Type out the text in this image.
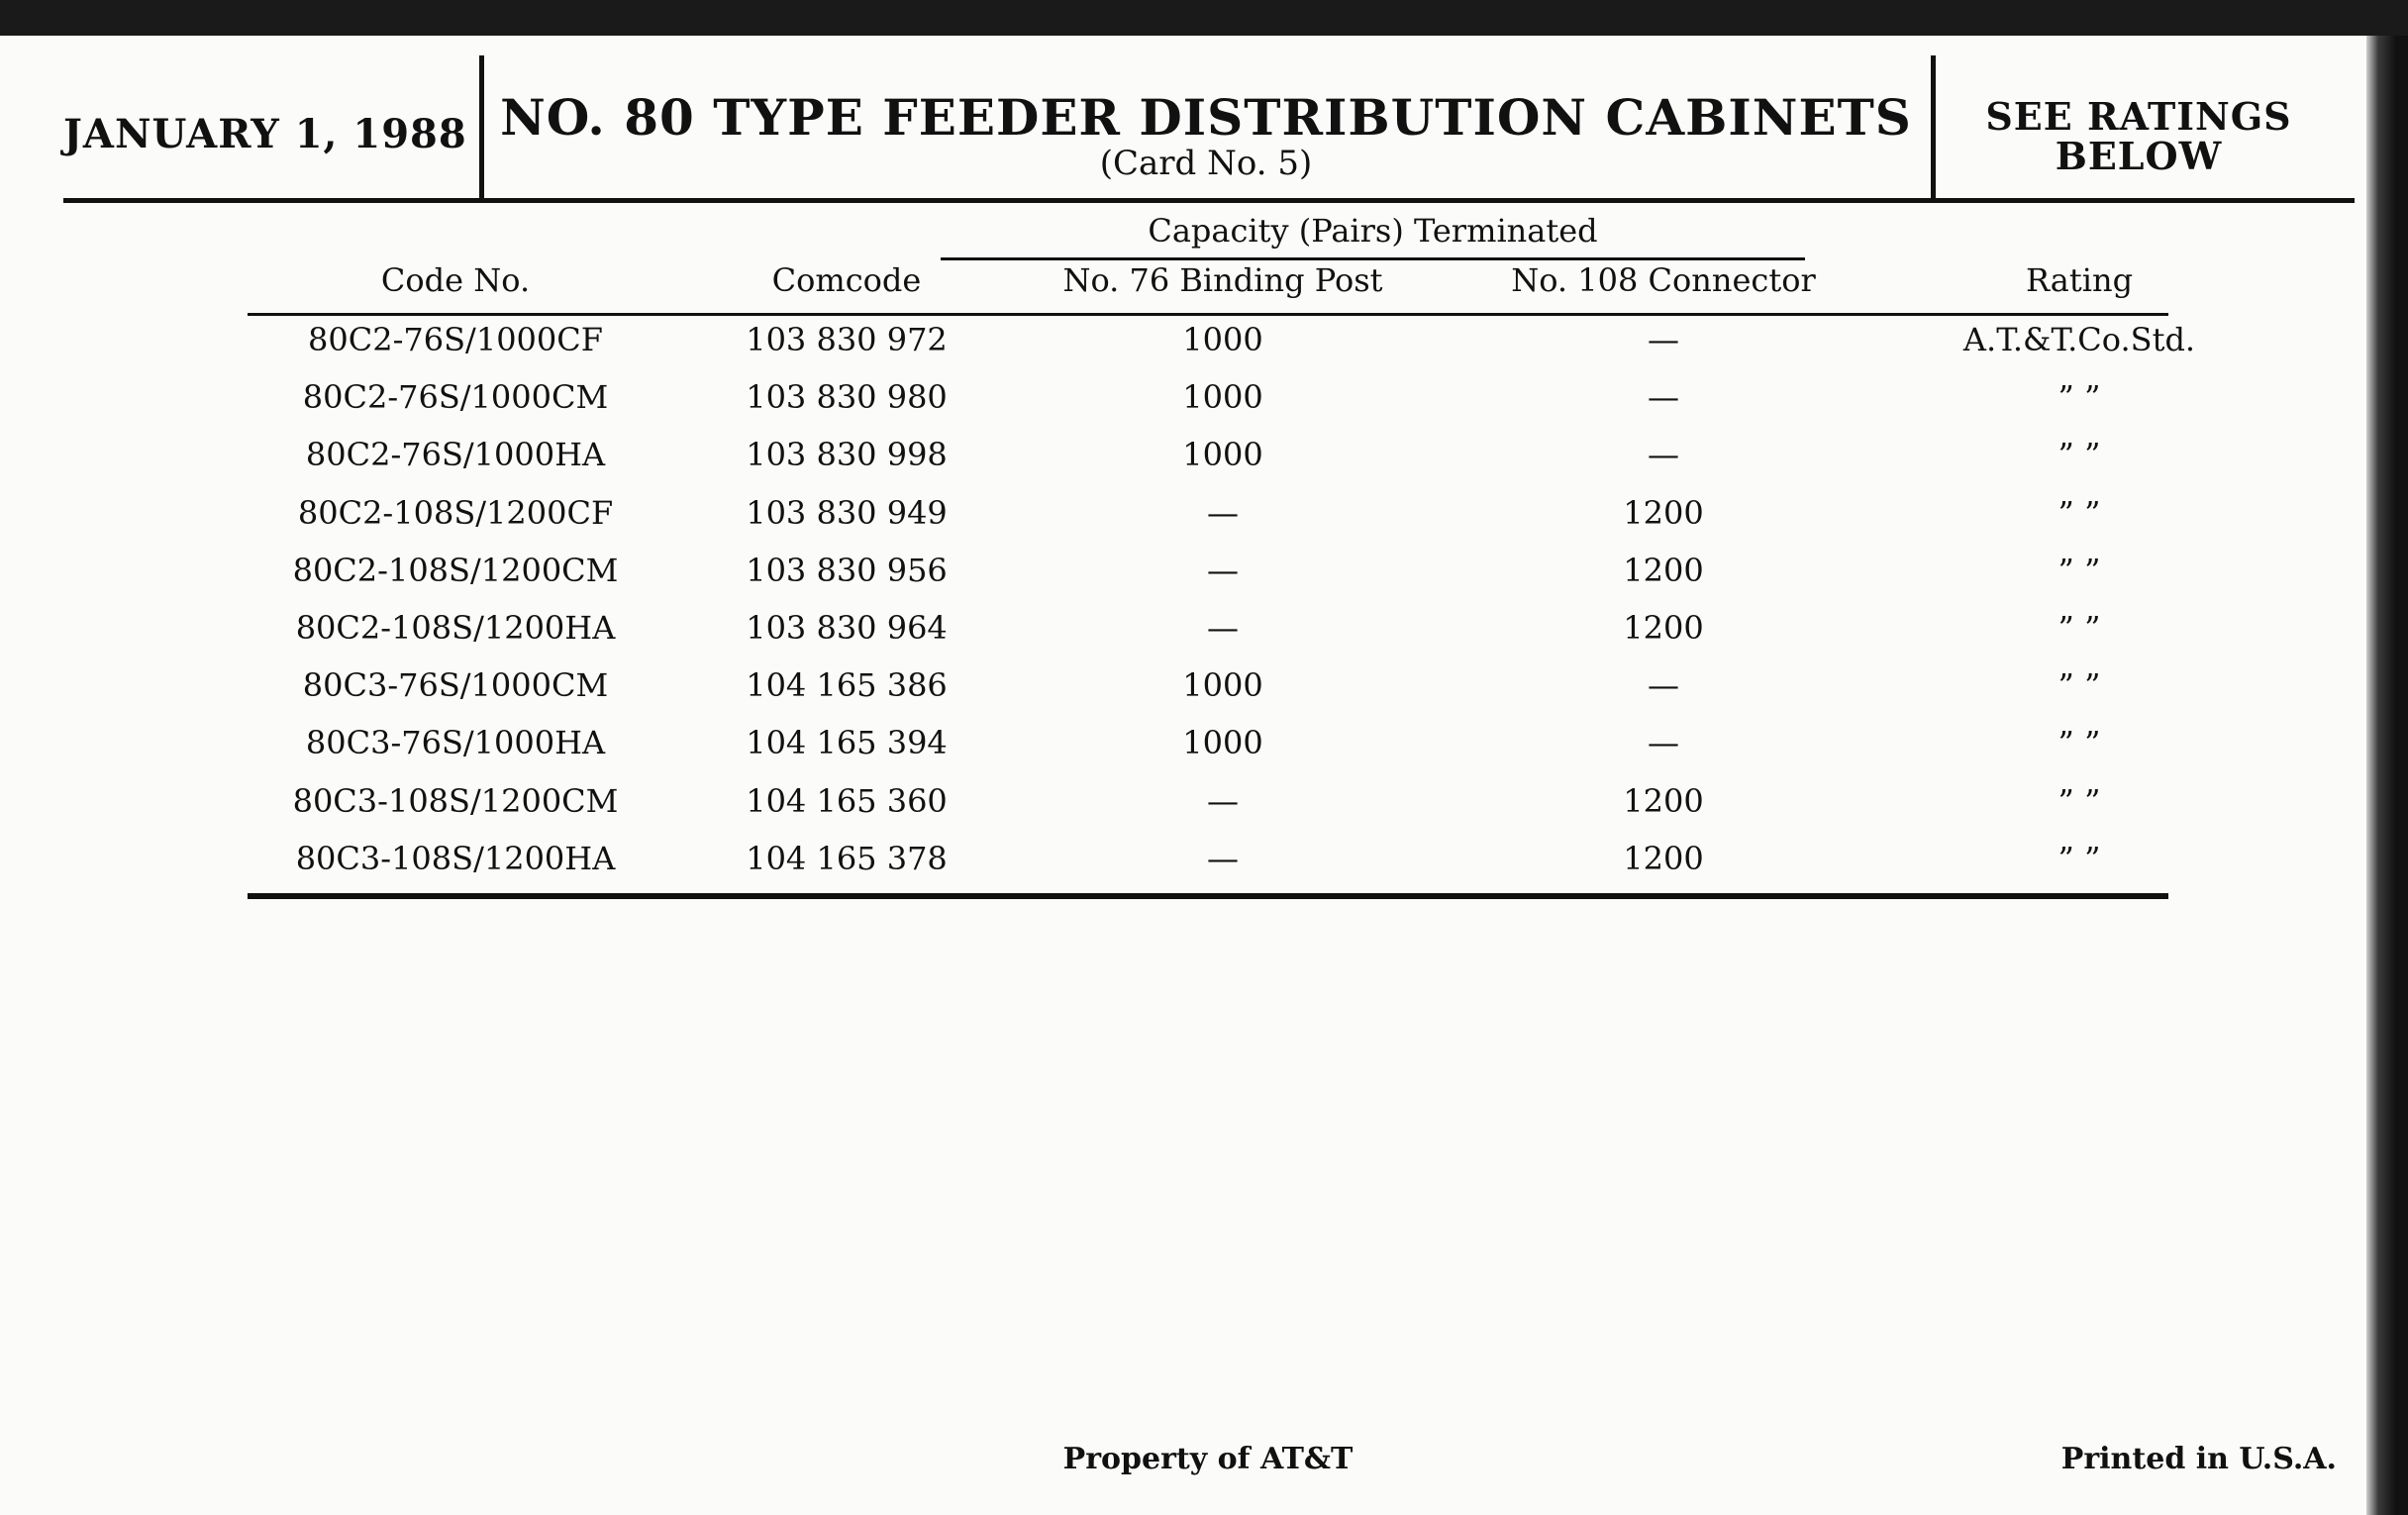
JANUARY 1, 1988 NO. 80 TYPE FEEDER DISTRIBUTION CABINETS
(Card No. 5)
SEE RATINGS
BELOW
Capacity (Pairs) Terminated
Code No.	Comcode	No. 76 Binding Post	No. 108 Connector	Rating
80C2-76S/1000CF	103 830 972	1000	—	A.T.&T.Co.Std.
80C2-76S/1000CM	103 830 980	1000	—	” ”
80C2-76S/1000HA	103 830 998	1000	—	” ”
80C2-108S/1200CF	103 830 949	—	1200	” ”
80C2-108S/1200CM	103 830 956	—	1200	” ”
80C2-108S/1200HA	103 830 964	—	1200	” ”
80C3-76S/1000CM	104 165 386	1000	—	” ”
80C3-76S/1000HA	104 165 394	1000	—	” ”
80C3-108S/1200CM	104 165 360	—	1200	” ”
80C3-108S/1200HA	104 165 378	—	1200	” ”
Property of AT&T	Printed in U.S.A.
